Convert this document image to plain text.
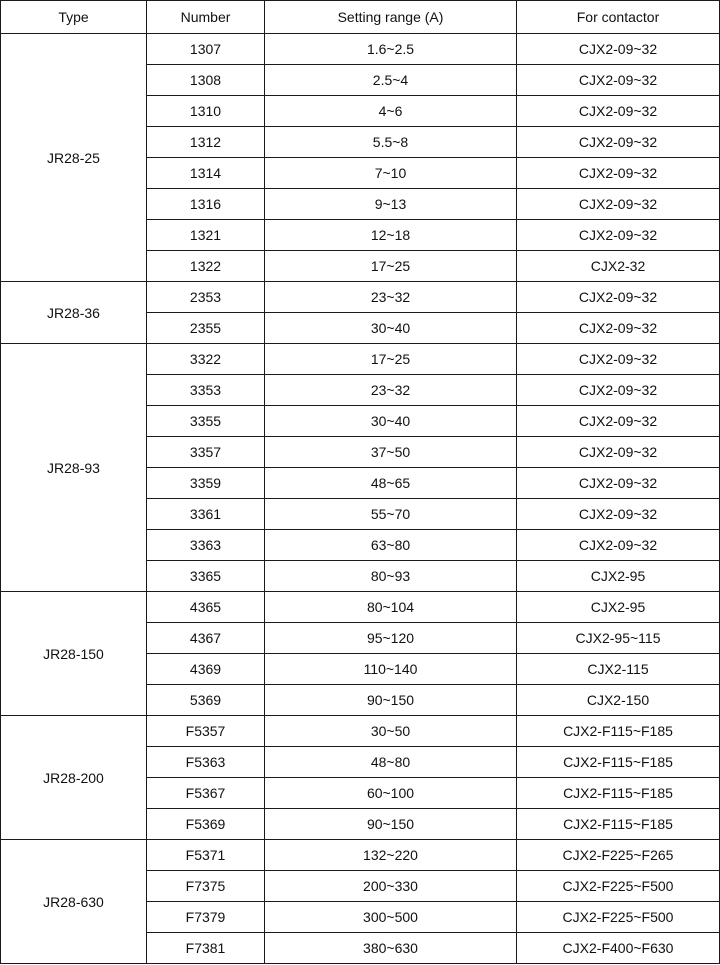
Type	Number	Setting range (A)	For contactor
JR28-25	1307	1.6~2.5	CJX2-09~32
	1308	2.5~4	CJX2-09~32
	1310	4~6	CJX2-09~32
	1312	5.5~8	CJX2-09~32
	1314	7~10	CJX2-09~32
	1316	9~13	CJX2-09~32
	1321	12~18	CJX2-09~32
	1322	17~25	CJX2-32
JR28-36	2353	23~32	CJX2-09~32
	2355	30~40	CJX2-09~32
JR28-93	3322	17~25	CJX2-09~32
	3353	23~32	CJX2-09~32
	3355	30~40	CJX2-09~32
	3357	37~50	CJX2-09~32
	3359	48~65	CJX2-09~32
	3361	55~70	CJX2-09~32
	3363	63~80	CJX2-09~32
	3365	80~93	CJX2-95
JR28-150	4365	80~104	CJX2-95
	4367	95~120	CJX2-95~115
	4369	110~140	CJX2-115
	5369	90~150	CJX2-150
JR28-200	F5357	30~50	CJX2-F115~F185
	F5363	48~80	CJX2-F115~F185
	F5367	60~100	CJX2-F115~F185
	F5369	90~150	CJX2-F115~F185
JR28-630	F5371	132~220	CJX2-F225~F265
	F7375	200~330	CJX2-F225~F500
	F7379	300~500	CJX2-F225~F500
	F7381	380~630	CJX2-F400~F630
